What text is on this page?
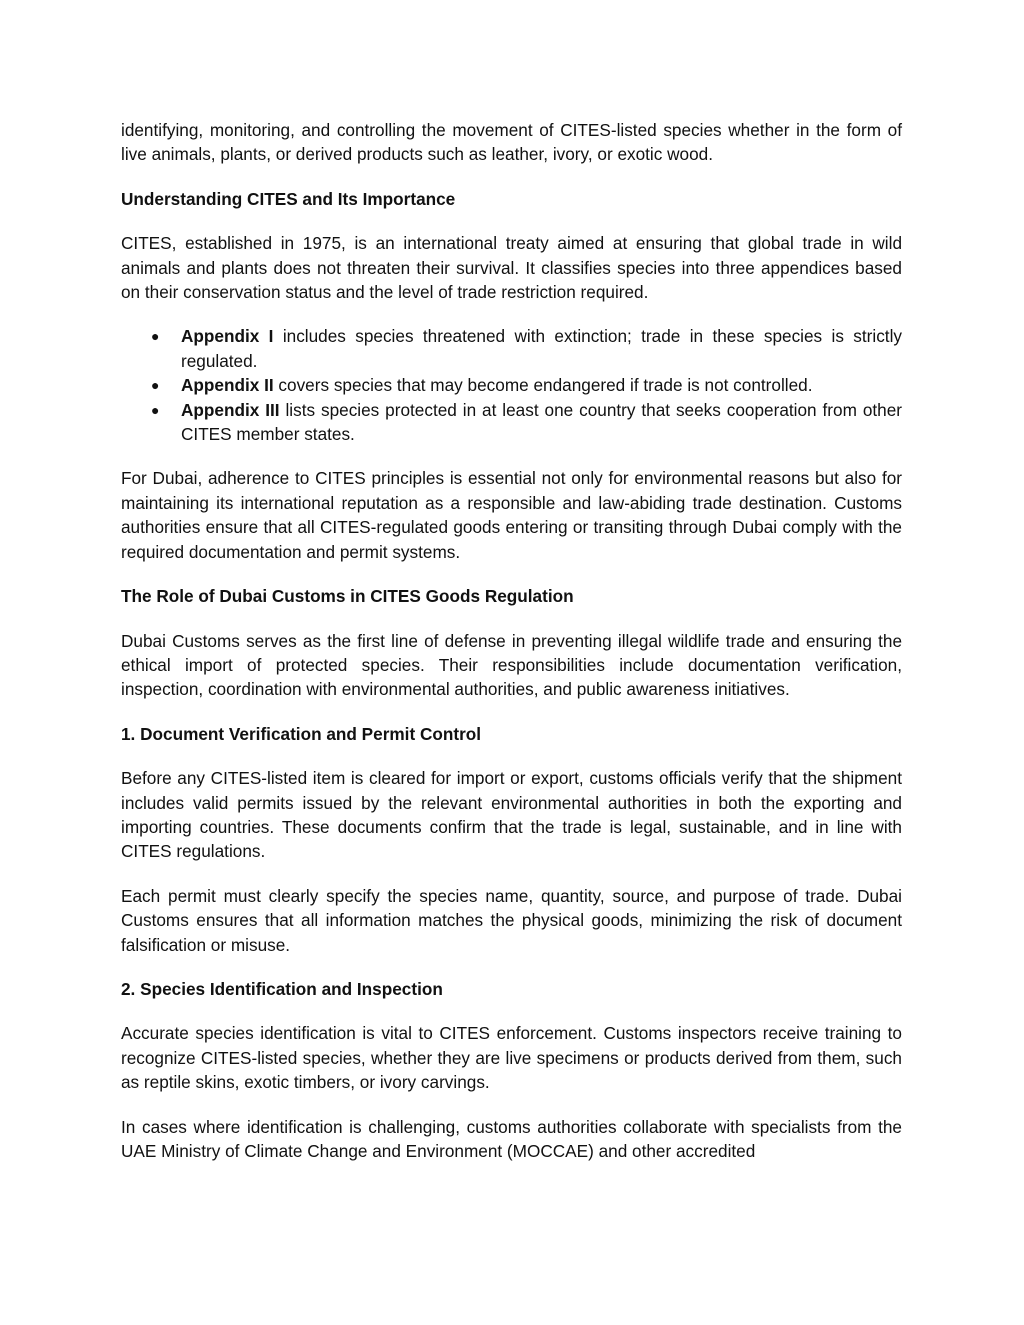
identifying, monitoring, and controlling the movement of CITES-listed species whether in the form of live animals, plants, or derived products such as leather, ivory, or exotic wood.

Understanding CITES and Its Importance

CITES, established in 1975, is an international treaty aimed at ensuring that global trade in wild animals and plants does not threaten their survival. It classifies species into three appendices based on their conservation status and the level of trade restriction required.

● Appendix I includes species threatened with extinction; trade in these species is strictly regulated.
● Appendix II covers species that may become endangered if trade is not controlled.
● Appendix III lists species protected in at least one country that seeks cooperation from other CITES member states.

For Dubai, adherence to CITES principles is essential not only for environmental reasons but also for maintaining its international reputation as a responsible and law-abiding trade destination. Customs authorities ensure that all CITES-regulated goods entering or transiting through Dubai comply with the required documentation and permit systems.

The Role of Dubai Customs in CITES Goods Regulation

Dubai Customs serves as the first line of defense in preventing illegal wildlife trade and ensuring the ethical import of protected species. Their responsibilities include documentation verification, inspection, coordination with environmental authorities, and public awareness initiatives.

1. Document Verification and Permit Control

Before any CITES-listed item is cleared for import or export, customs officials verify that the shipment includes valid permits issued by the relevant environmental authorities in both the exporting and importing countries. These documents confirm that the trade is legal, sustainable, and in line with CITES regulations.

Each permit must clearly specify the species name, quantity, source, and purpose of trade. Dubai Customs ensures that all information matches the physical goods, minimizing the risk of document falsification or misuse.

2. Species Identification and Inspection

Accurate species identification is vital to CITES enforcement. Customs inspectors receive training to recognize CITES-listed species, whether they are live specimens or products derived from them, such as reptile skins, exotic timbers, or ivory carvings.

In cases where identification is challenging, customs authorities collaborate with specialists from the UAE Ministry of Climate Change and Environment (MOCCAE) and other accredited
